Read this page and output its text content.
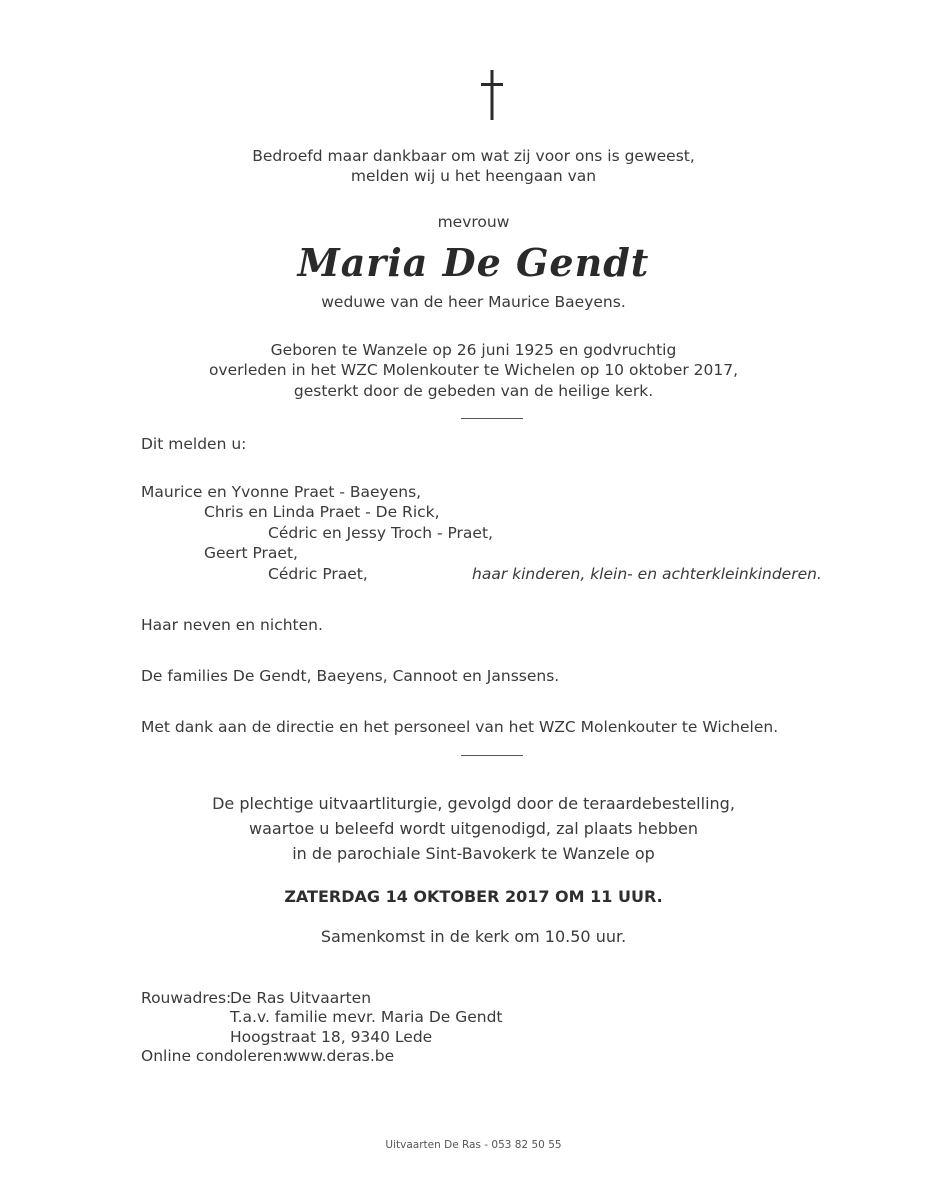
Bedroefd maar dankbaar om wat zij voor ons is geweest,
melden wij u het heengaan van
mevrouw
Maria De Gendt
weduwe van de heer Maurice Baeyens.
Geboren te Wanzele op 26 juni 1925 en godvruchtig
overleden in het WZC Molenkouter te Wichelen op 10 oktober 2017,
gesterkt door de gebeden van de heilige kerk.
Dit melden u:
Maurice en Yvonne Praet - Baeyens,
Chris en Linda Praet - De Rick,
Cédric en Jessy Troch - Praet,
Geert Praet,
Cédric Praet,	haar kinderen, klein- en achterkleinkinderen.
Haar neven en nichten.
De families De Gendt, Baeyens, Cannoot en Janssens.
Met dank aan de directie en het personeel van het WZC Molenkouter te Wichelen.
De plechtige uitvaartliturgie, gevolgd door de teraardebestelling,
waartoe u beleefd wordt uitgenodigd, zal plaats hebben
in de parochiale Sint-Bavokerk te Wanzele op
ZATERDAG 14 OKTOBER 2017 OM 11 UUR.
Samenkomst in de kerk om 10.50 uur.
Rouwadres:
De Ras Uitvaarten
T.a.v. familie mevr. Maria De Gendt
Hoogstraat 18, 9340 Lede
Online condoleren:
www.deras.be
Uitvaarten De Ras - 053 82 50 55
